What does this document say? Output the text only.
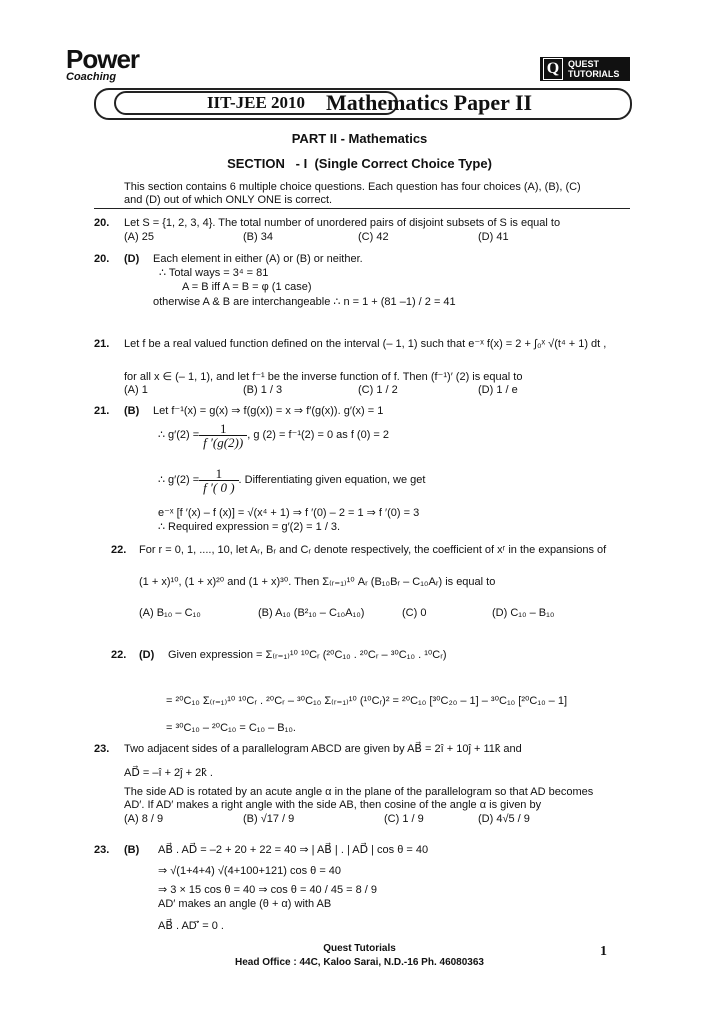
Power
Coaching	Q QUEST
TUTORIALS
IIT-JEE 2010 Mathematics Paper II
PART II - Mathematics
SECTION   - I  (Single Correct Choice Type)
This section contains 6 multiple choice questions. Each question has four choices (A), (B), (C)
and (D) out of which ONLY ONE is correct.
20. Let S = {1, 2, 3, 4}. The total number of unordered pairs of disjoint subsets of S is equal to
(A) 25	(B) 34	(C) 42	(D) 41
20. (D) Each element in either (A) or (B) or neither.
∴ Total ways = 3⁴ = 81
A = B iff A = B = φ (1 case)
otherwise A & B are interchangeable ∴ n = 1 + (81 –1) / 2 = 41
21. Let f be a real valued function defined on the interval (– 1, 1) such that e⁻ˣ f(x) = 2 + ∫₀ˣ √(t⁴ + 1) dt ,
for all x ∈ (– 1, 1), and let f⁻¹ be the inverse function of f. Then (f⁻¹)′ (2) is equal to
(A) 1	(B) 1 / 3	(C) 1 / 2	(D) 1 / e
21. (B) Let f⁻¹(x) = g(x) ⇒ f(g(x)) = x ⇒ f′(g(x)). g′(x) = 1
∴ $g'(2) = \frac{1}{f '(g(2))}$ , g (2) = f⁻¹(2) = 0 as f (0) = 2
∴ $g'(2) = \frac{1}{f '( 0 )}$ . Differentiating given equation, we get
e⁻ˣ [f ′(x) – f (x)] = √(x⁴ + 1) ⇒ f ′(0) – 2 = 1 ⇒ f ′(0) = 3
∴ Required expression = g′(2) = 1 / 3.
22. For r = 0, 1, ...., 10, let Aᵣ, Bᵣ and Cᵣ denote respectively, the coefficient of xʳ in the expansions of
(1 + x)¹⁰, (1 + x)²⁰ and (1 + x)³⁰. Then Σ₍ᵣ₌₁₎¹⁰ Aᵣ (B₁₀Bᵣ – C₁₀Aᵣ) is equal to
(A) B₁₀ – C₁₀	(B) A₁₀ (B²₁₀ – C₁₀A₁₀)	(C) 0	(D) C₁₀ – B₁₀
22. (D) Given expression = Σ₍ᵣ₌₁₎¹⁰ ¹⁰Cᵣ (²⁰C₁₀ . ²⁰Cᵣ – ³⁰C₁₀ . ¹⁰Cᵣ)
= ²⁰C₁₀ Σ₍ᵣ₌₁₎¹⁰ ¹⁰Cᵣ . ²⁰Cᵣ – ³⁰C₁₀ Σ₍ᵣ₌₁₎¹⁰ (¹⁰Cᵣ)² = ²⁰C₁₀ [³⁰C₂₀ – 1] – ³⁰C₁₀ [²⁰C₁₀ – 1]
= ³⁰C₁₀ – ²⁰C₁₀ = C₁₀ – B₁₀.
23. Two adjacent sides of a parallelogram ABCD are given by AB⃗ = 2î + 10ĵ + 11k̂ and
AD⃗ = –î + 2ĵ + 2k̂ .
The side AD is rotated by an acute angle α in the plane of the parallelogram so that AD becomes
AD′. If AD′ makes a right angle with the side AB, then cosine of the angle α is given by
(A) 8 / 9	(B) √17 / 9	(C) 1 / 9	(D) 4√5 / 9
23. (B) AB⃗ . AD⃗ = –2 + 20 + 22 = 40 ⇒ | AB⃗ | . | AD⃗ | cos θ = 40
⇒ √(1+4+4) √(4+100+121) cos θ = 40
⇒ 3 × 15 cos θ = 40 ⇒ cos θ = 40 / 45 = 8 / 9
AD′ makes an angle (θ + α) with AB
AB⃗ . AD′⃗ = 0 .
Quest Tutorials
Head Office : 44C, Kaloo Sarai, N.D.-16 Ph. 46080363
1
